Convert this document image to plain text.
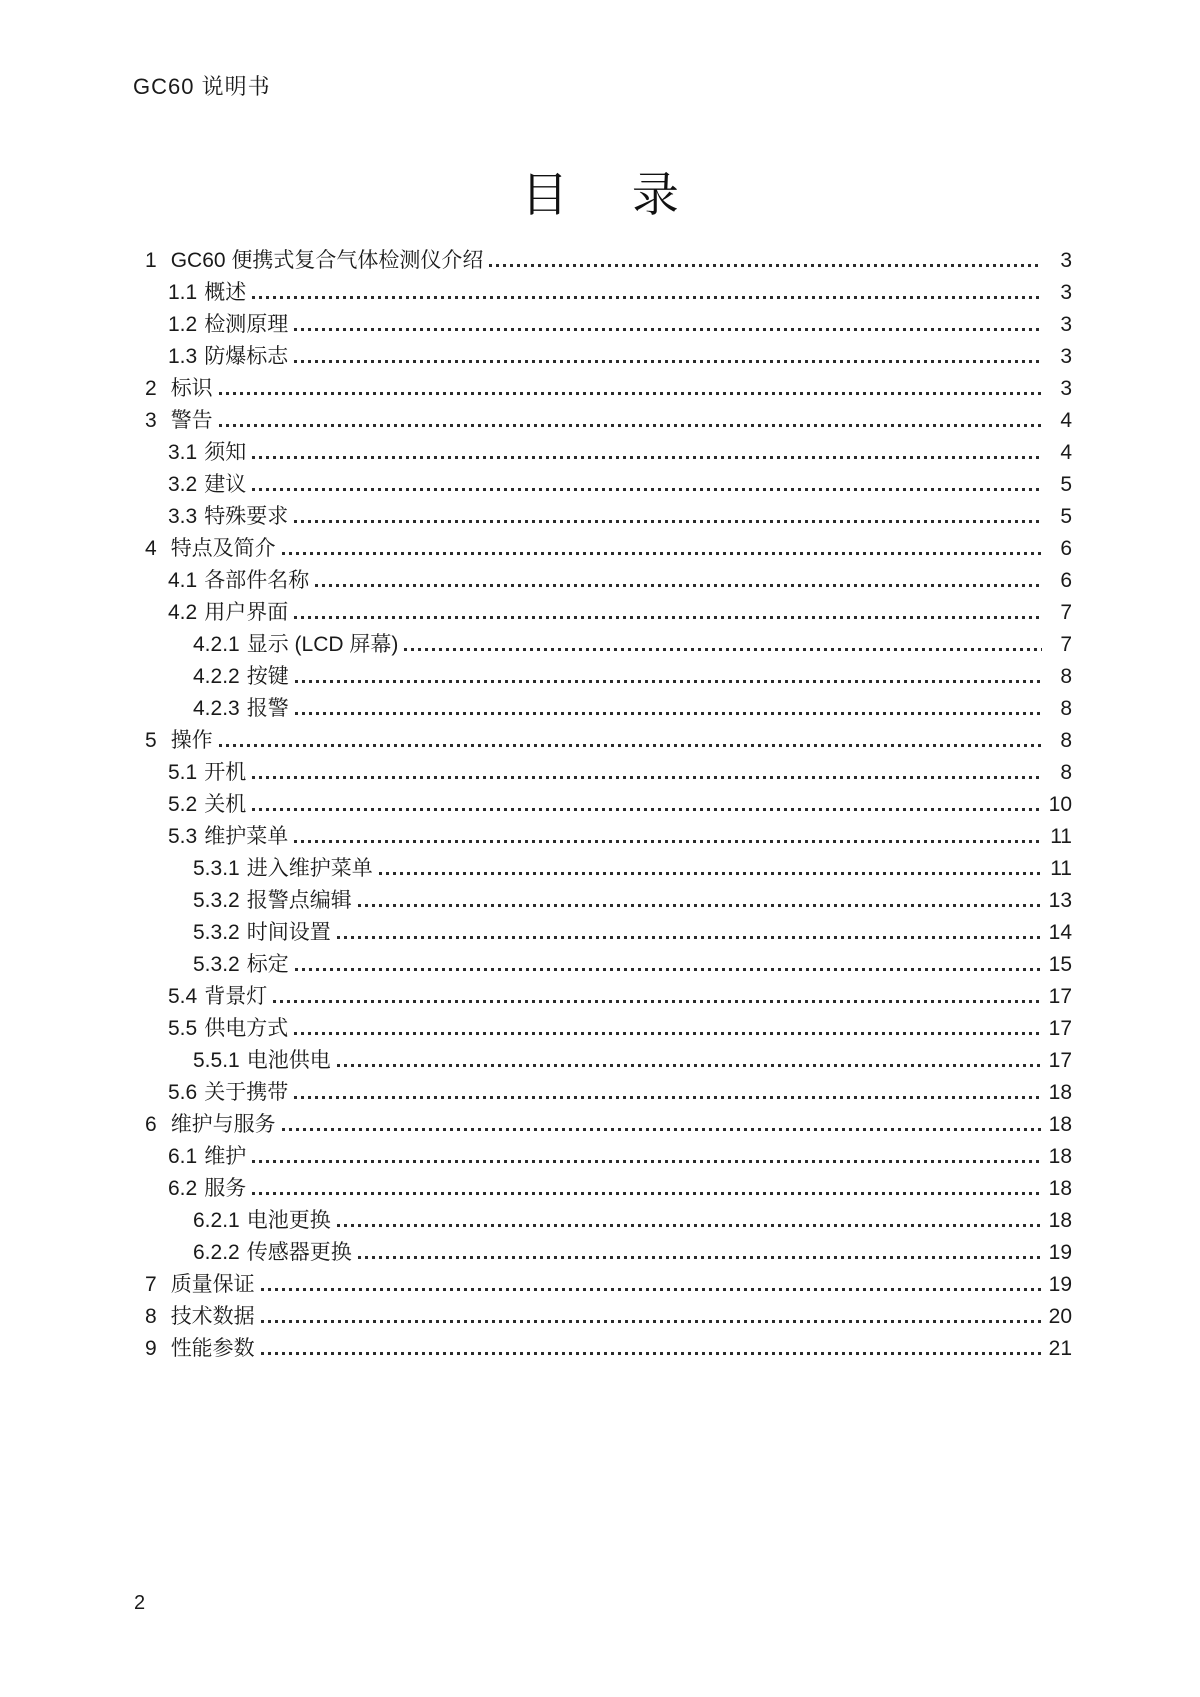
GC60 说明书
目 录
1 GC60 便携式复合气体检测仪介绍	3
1.1 概述	3
1.2 检测原理	3
1.3 防爆标志	3
2 标识	3
3 警告	4
3.1 须知	4
3.2 建议	5
3.3 特殊要求	5
4 特点及简介	6
4.1 各部件名称	6
4.2 用户界面	7
4.2.1 显示 (LCD 屏幕)	7
4.2.2 按键	8
4.2.3 报警	8
5 操作	8
5.1 开机	8
5.2 关机	10
5.3 维护菜单	11
5.3.1 进入维护菜单	11
5.3.2 报警点编辑	13
5.3.2 时间设置	14
5.3.2 标定	15
5.4 背景灯	17
5.5 供电方式	17
5.5.1 电池供电	17
5.6 关于携带	18
6 维护与服务	18
6.1 维护	18
6.2 服务	18
6.2.1 电池更换	18
6.2.2 传感器更换	19
7 质量保证	19
8 技术数据	20
9 性能参数	21
2
